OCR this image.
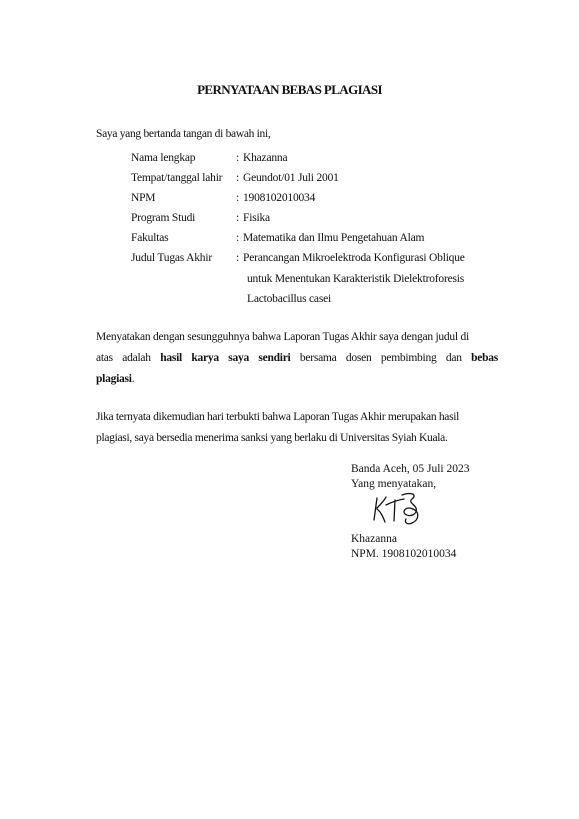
PERNYATAAN BEBAS PLAGIASI
Saya yang bertanda tangan di bawah ini,
Nama lengkap	: Khazanna
Tempat/tanggal lahir : Geundot/01 Juli 2001
NPM	: 1908102010034
Program Studi	: Fisika
Fakultas	: Matematika dan Ilmu Pengetahuan Alam
Judul Tugas Akhir : Perancangan Mikroelektroda Konfigurasi Oblique
untuk Menentukan Karakteristik Dielektroforesis
Lactobacillus casei
Menyatakan dengan sesungguhnya bahwa Laporan Tugas Akhir saya dengan judul di
atas adalah hasil karya saya sendiri bersama dosen pembimbing dan bebas
plagiasi.
Jika ternyata dikemudian hari terbukti bahwa Laporan Tugas Akhir merupakan hasil
plagiasi, saya bersedia menerima sanksi yang berlaku di Universitas Syiah Kuala.
Banda Aceh, 05 Juli 2023
Yang menyatakan,
Khazanna
NPM. 1908102010034
